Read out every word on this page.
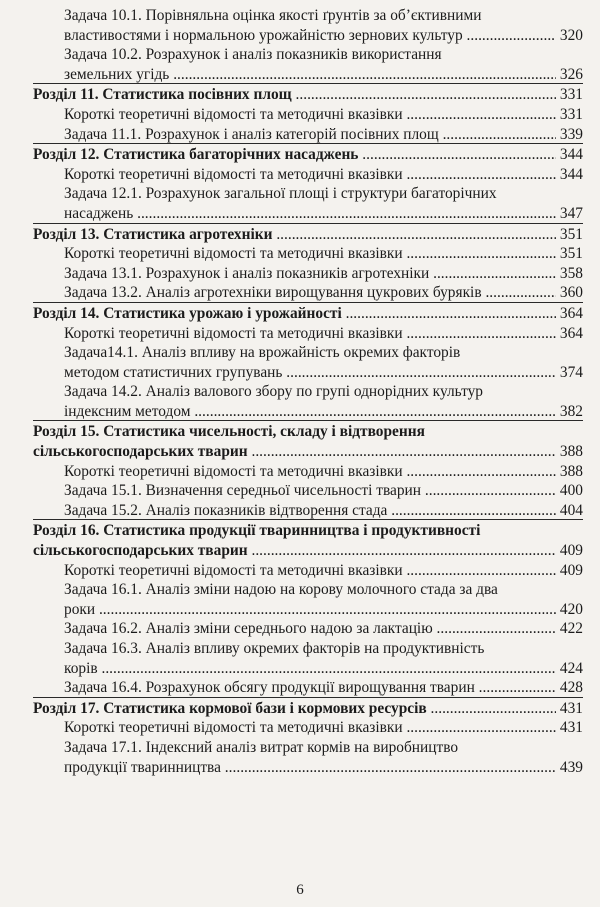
Задача 10.1. Порівняльна оцінка якості ґрунтів за об’єктивними
властивостями і нормальною урожайністю зернових культур .....	320
Задача 10.2. Розрахунок і аналіз показників використання
земельних угідь .....	326
Розділ 11. Статистика посівних площ .....	331
Короткі теоретичні відомості та методичні вказівки .....	331
Задача 11.1. Розрахунок і аналіз категорій посівних площ .....	339
Розділ 12. Статистика багаторічних насаджень .....	344
Короткі теоретичні відомості та методичні вказівки .....	344
Задача 12.1. Розрахунок загальної площі і структури багаторічних
насаджень .....	347
Розділ 13. Статистика агротехніки .....	351
Короткі теоретичні відомості та методичні вказівки .....	351
Задача 13.1. Розрахунок і аналіз показників агротехніки .....	358
Задача 13.2. Аналіз агротехніки вирощування цукрових буряків .....	360
Розділ 14. Статистика урожаю і урожайності .....	364
Короткі теоретичні відомості та методичні вказівки .....	364
Задача14.1. Аналіз впливу на врожайність окремих факторів
методом статистичних групувань .....	374
Задача 14.2. Аналіз валового збору по групі однорідних культур
індексним методом .....	382
Розділ 15. Статистика чисельності, складу і відтворення
сільськогосподарських тварин .....	388
Короткі теоретичні відомості та методичні вказівки .....	388
Задача 15.1. Визначення середньої чисельності тварин .....	400
Задача 15.2. Аналіз показників відтворення стада .....	404
Розділ 16. Статистика продукції тваринництва і продуктивності
сільськогосподарських тварин .....	409
Короткі теоретичні відомості та методичні вказівки .....	409
Задача 16.1. Аналіз зміни надою на корову молочного стада за два
роки .....	420
Задача 16.2. Аналіз зміни середнього надою за лактацію .....	422
Задача 16.3. Аналіз впливу окремих факторів на продуктивність
корів .....	424
Задача 16.4. Розрахунок обсягу продукції вирощування тварин .....	428
Розділ 17. Статистика кормової бази і кормових ресурсів .....	431
Короткі теоретичні відомості та методичні вказівки .....	431
Задача 17.1. Індексний аналіз витрат кормів на виробництво
продукції тваринництва .....	439
6
